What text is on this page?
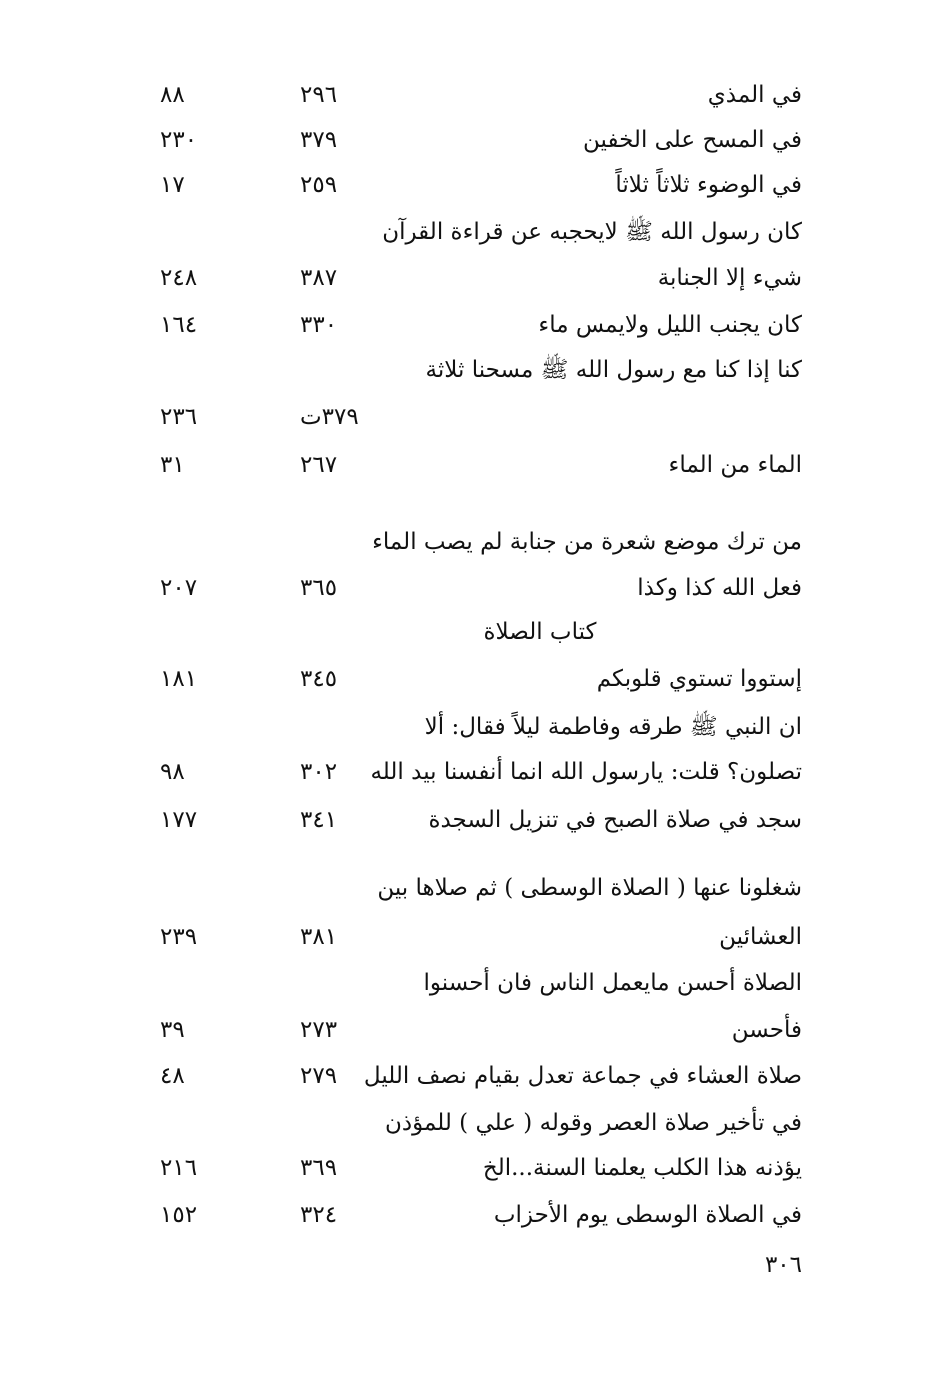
في المذي
٢٩٦
٨٨
في المسح على الخفين
٣٧٩
٢٣٠
في الوضوء ثلاثاً ثلاثاً
٢٥٩
١٧
كان رسول الله ﷺ لايحجبه عن قراءة القرآن
شيء إلا الجنابة
٣٨٧
٢٤٨
كان يجنب الليل ولايمس ماء
٣٣٠
١٦٤
كنا إذا كنا مع رسول الله ﷺ مسحنا ثلاثة
٣٧٩ت
٢٣٦
الماء من الماء
٢٦٧
٣١
من ترك موضع شعرة من جنابة لم يصب الماء
فعل الله كذا وكذا
٣٦٥
٢٠٧
كتاب الصلاة
إستووا تستوي قلوبكم
٣٤٥
١٨١
ان النبي ﷺ طرقه وفاطمة ليلاً فقال: ألا
تصلون؟ قلت: يارسول الله انما أنفسنا بيد الله
٣٠٢
٩٨
سجد في صلاة الصبح في تنزيل السجدة
٣٤١
١٧٧
شغلونا عنها ( الصلاة الوسطى ) ثم صلاها بين
العشائين
٣٨١
٢٣٩
الصلاة أحسن مايعمل الناس فان أحسنوا
فأحسن
٢٧٣
٣٩
صلاة العشاء في جماعة تعدل بقيام نصف الليل
٢٧٩
٤٨
في تأخير صلاة العصر وقوله ( علي ) للمؤذن
يؤذنه هذا الكلب يعلمنا السنة...الخ
٣٦٩
٢١٦
في الصلاة الوسطى يوم الأحزاب
٣٢٤
١٥٢
٣٠٦
